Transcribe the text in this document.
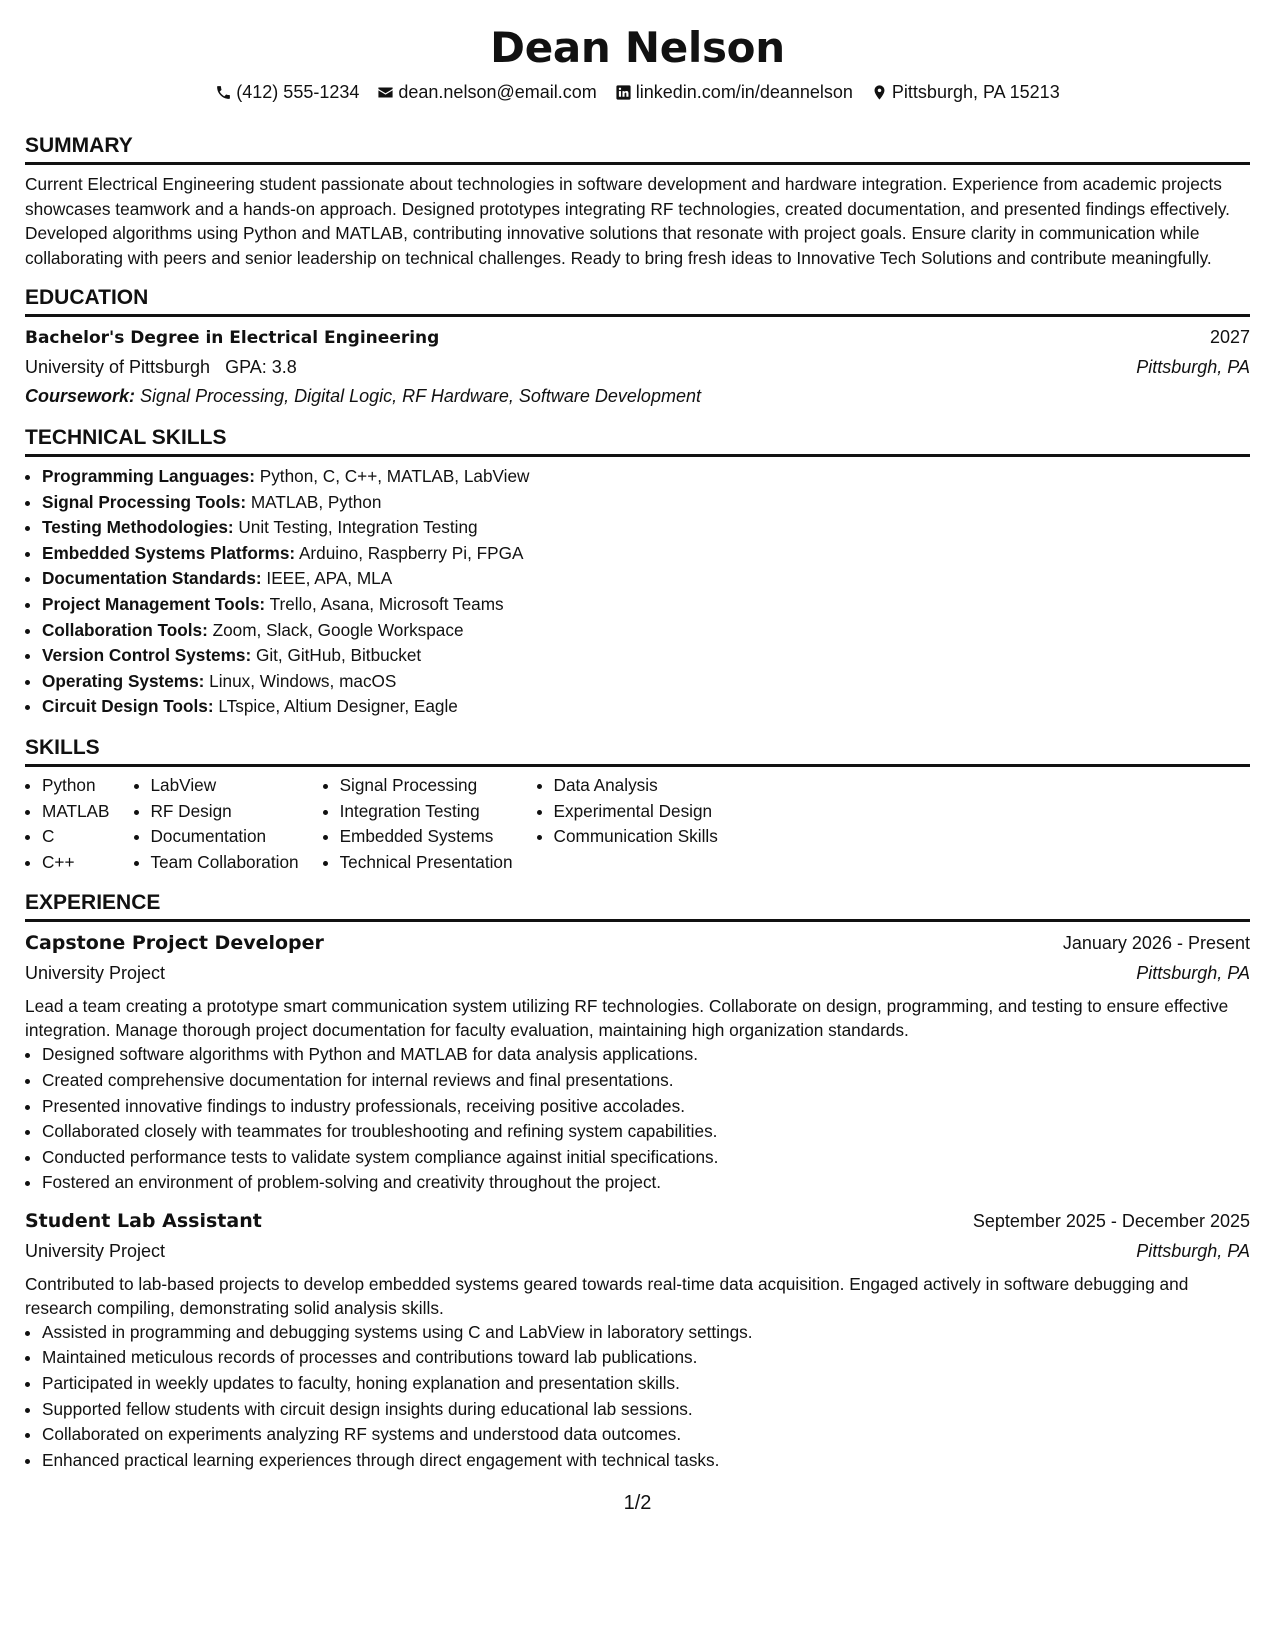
Dean Nelson
(412) 555-1234 dean.nelson@email.com linkedin.com/in/deannelson Pittsburgh, PA 15213
SUMMARY
Current Electrical Engineering student passionate about technologies in software development and hardware integration. Experience from academic projects showcases teamwork and a hands-on approach. Designed prototypes integrating RF technologies, created documentation, and presented findings effectively. Developed algorithms using Python and MATLAB, contributing innovative solutions that resonate with project goals. Ensure clarity in communication while collaborating with peers and senior leadership on technical challenges. Ready to bring fresh ideas to Innovative Tech Solutions and contribute meaningfully.
EDUCATION
Bachelor's Degree in Electrical Engineering	2027
University of Pittsburgh GPA: 3.8	Pittsburgh, PA
Coursework: Signal Processing, Digital Logic, RF Hardware, Software Development
TECHNICAL SKILLS
• Programming Languages: Python, C, C++, MATLAB, LabView
• Signal Processing Tools: MATLAB, Python
• Testing Methodologies: Unit Testing, Integration Testing
• Embedded Systems Platforms: Arduino, Raspberry Pi, FPGA
• Documentation Standards: IEEE, APA, MLA
• Project Management Tools: Trello, Asana, Microsoft Teams
• Collaboration Tools: Zoom, Slack, Google Workspace
• Version Control Systems: Git, GitHub, Bitbucket
• Operating Systems: Linux, Windows, macOS
• Circuit Design Tools: LTspice, Altium Designer, Eagle
SKILLS
• Python
• MATLAB
• C
• C++
• LabView
• RF Design
• Documentation
• Team Collaboration
• Signal Processing
• Integration Testing
• Embedded Systems
• Technical Presentation
• Data Analysis
• Experimental Design
• Communication Skills
EXPERIENCE
Capstone Project Developer	January 2026 - Present
University Project	Pittsburgh, PA
Lead a team creating a prototype smart communication system utilizing RF technologies. Collaborate on design, programming, and testing to ensure effective integration. Manage thorough project documentation for faculty evaluation, maintaining high organization standards.
• Designed software algorithms with Python and MATLAB for data analysis applications.
• Created comprehensive documentation for internal reviews and final presentations.
• Presented innovative findings to industry professionals, receiving positive accolades.
• Collaborated closely with teammates for troubleshooting and refining system capabilities.
• Conducted performance tests to validate system compliance against initial specifications.
• Fostered an environment of problem-solving and creativity throughout the project.
Student Lab Assistant	September 2025 - December 2025
University Project	Pittsburgh, PA
Contributed to lab-based projects to develop embedded systems geared towards real-time data acquisition. Engaged actively in software debugging and research compiling, demonstrating solid analysis skills.
• Assisted in programming and debugging systems using C and LabView in laboratory settings.
• Maintained meticulous records of processes and contributions toward lab publications.
• Participated in weekly updates to faculty, honing explanation and presentation skills.
• Supported fellow students with circuit design insights during educational lab sessions.
• Collaborated on experiments analyzing RF systems and understood data outcomes.
• Enhanced practical learning experiences through direct engagement with technical tasks.
1/2
